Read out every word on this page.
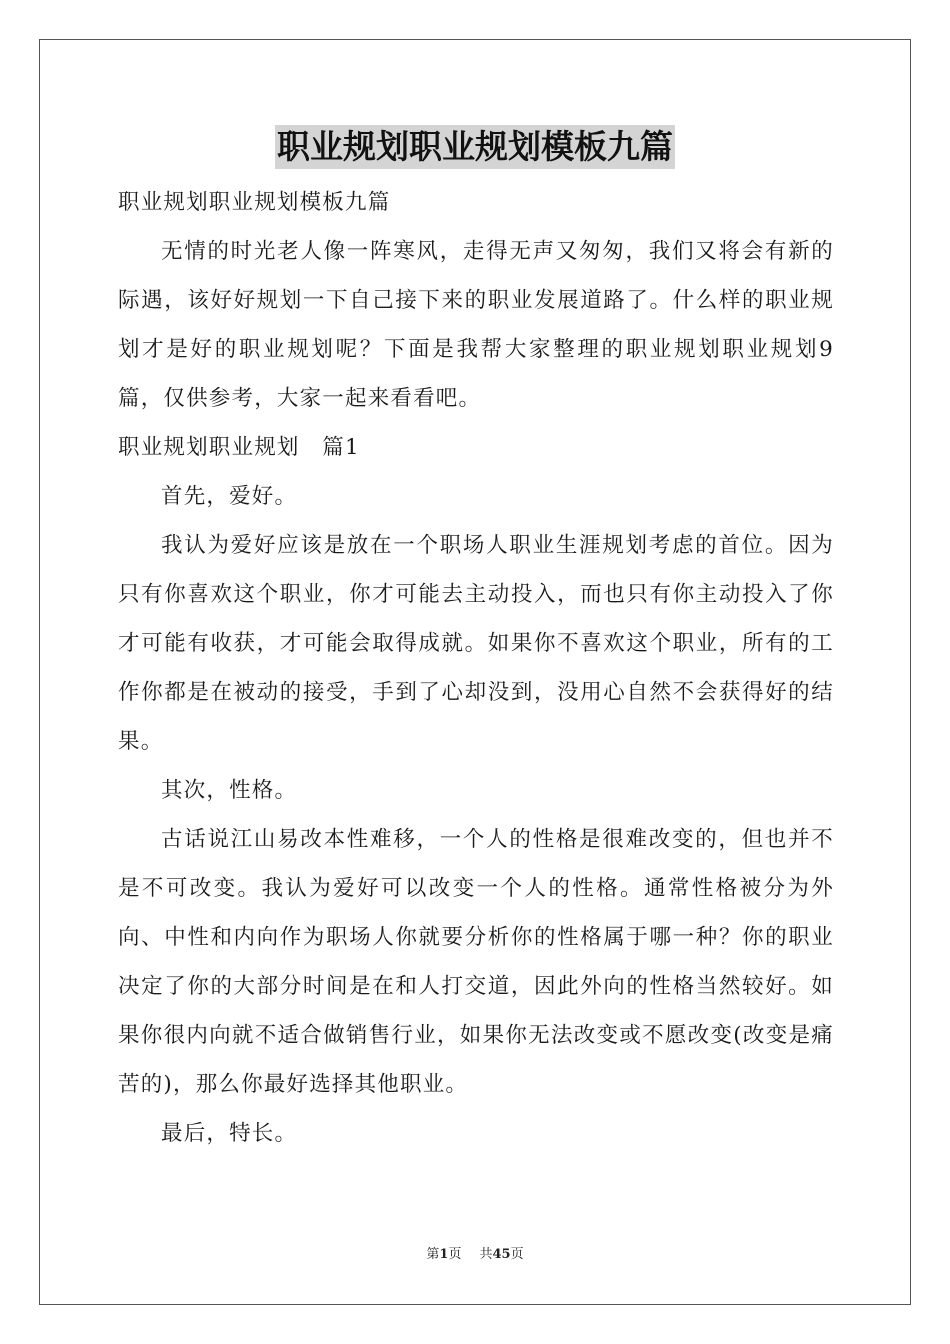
职业规划职业规划模板九篇

职业规划职业规划模板九篇

无情的时光老人像一阵寒风，走得无声又匆匆，我们又将会有新的际遇，该好好规划一下自己接下来的职业发展道路了。什么样的职业规划才是好的职业规划呢？下面是我帮大家整理的职业规划职业规划9篇，仅供参考，大家一起来看看吧。

职业规划职业规划　篇1

首先，爱好。

我认为爱好应该是放在一个职场人职业生涯规划考虑的首位。因为只有你喜欢这个职业，你才可能去主动投入，而也只有你主动投入了你才可能有收获，才可能会取得成就。如果你不喜欢这个职业，所有的工作你都是在被动的接受，手到了心却没到，没用心自然不会获得好的结果。

其次，性格。

古话说江山易改本性难移，一个人的性格是很难改变的，但也并不是不可改变。我认为爱好可以改变一个人的性格。通常性格被分为外向、中性和内向作为职场人你就要分析你的性格属于哪一种？你的职业决定了你的大部分时间是在和人打交道，因此外向的性格当然较好。如果你很内向就不适合做销售行业，如果你无法改变或不愿改变(改变是痛苦的)，那么你最好选择其他职业。

最后，特长。

第1页 共45页
